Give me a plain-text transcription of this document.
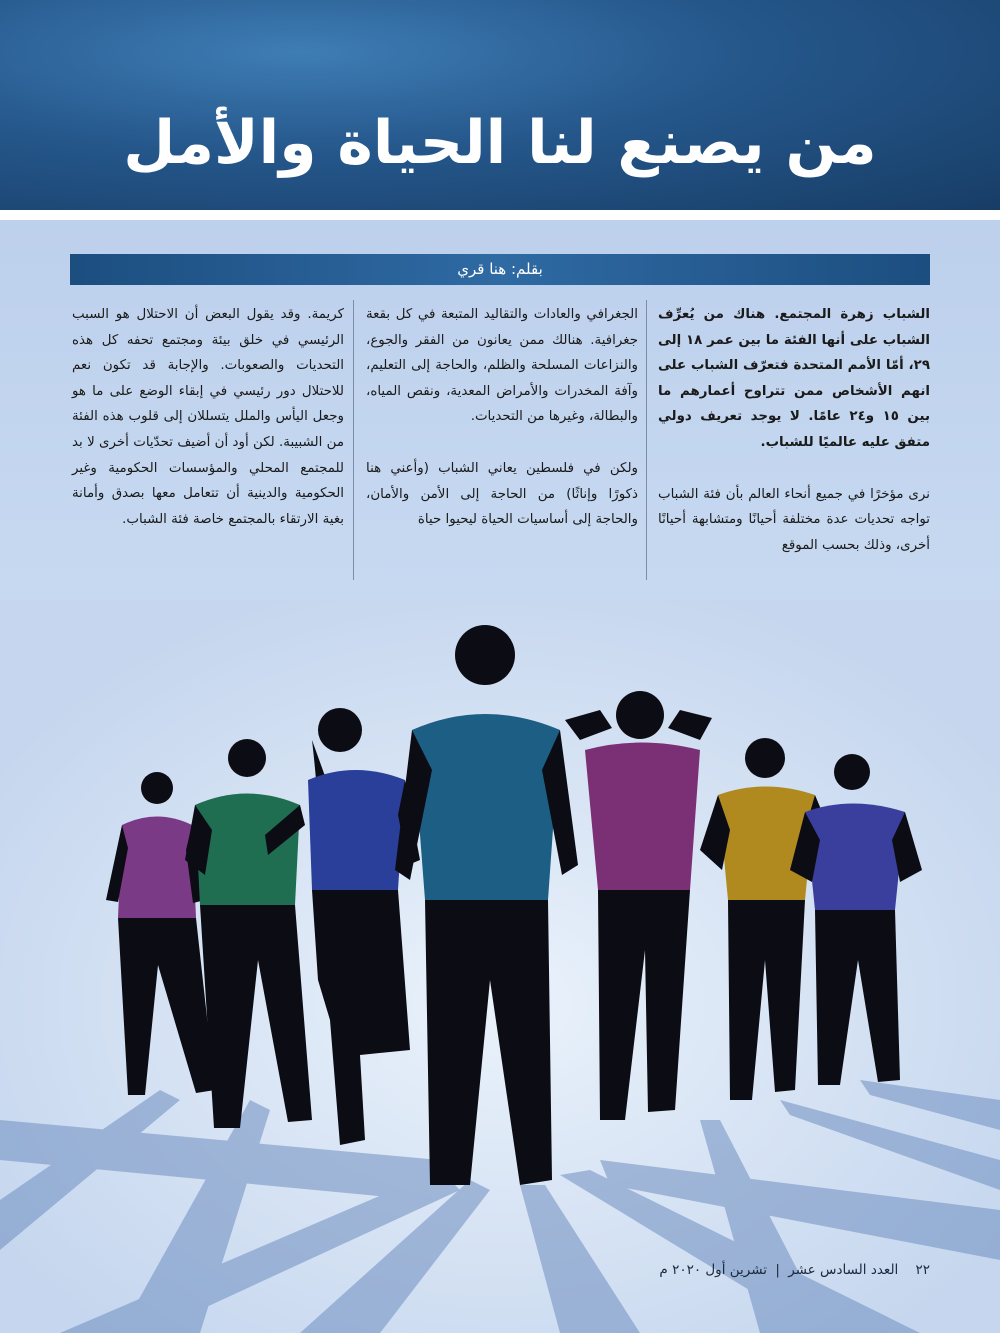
من يصنع لنا الحياة والأمل
بقلم: هنا قري

الشباب زهرة المجتمع. هناك من يُعرِّف الشباب على أنها الفئة ما بين عمر ١٨ إلى ٢٩، أمّا الأمم المتحدة فتعرّف الشباب على انهم الأشخاص ممن تتراوح أعمارهم ما بين ١٥ و٢٤ عامًا. لا يوجد تعريف دولي متفق عليه عالميًا للشباب.

نرى مؤخرًا في جميع أنحاء العالم بأن فئة الشباب تواجه تحديات عدة مختلفة أحيانًا ومتشابهة أحيانًا أخرى، وذلك بحسب الموقع

الجغرافي والعادات والتقاليد المتبعة في كل بقعة جغرافية. هنالك ممن يعانون من الفقر والجوع، والنزاعات المسلحة والظلم، والحاجة إلى التعليم، وآفة المخدرات والأمراض المعدية، ونقص المياه، والبطالة، وغيرها من التحديات.

ولكن في فلسطين يعاني الشباب (وأعني هنا ذكورًا وإناثًا) من الحاجة إلى الأمن والأمان، والحاجة إلى أساسيات الحياة ليحيوا حياة

كريمة. وقد يقول البعض أن الاحتلال هو السبب الرئيسي في خلق بيئة ومجتمع تحفه كل هذه التحديات والصعوبات. والإجابة قد تكون نعم للاحتلال دور رئيسي في إبقاء الوضع على ما هو وجعل اليأس والملل يتسللان إلى قلوب هذه الفئة من الشبيبة. لكن أود أن أضيف تحدّيات أخرى لا بد للمجتمع المحلي والمؤسسات الحكومية وغير الحكومية والدينية أن تتعامل معها بصدق وأمانة بغية الارتقاء بالمجتمع خاصة فئة الشباب.

٢٢    العدد السادس عشر | تشرين أول ٢٠٢٠ م
